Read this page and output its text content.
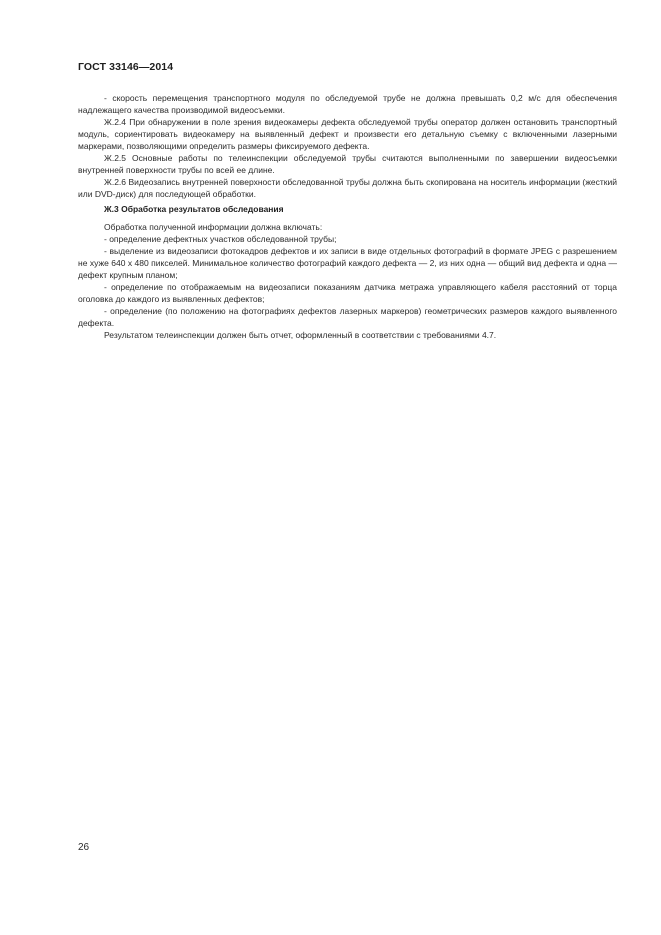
ГОСТ 33146—2014

- скорость перемещения транспортного модуля по обследуемой трубе не должна превышать 0,2 м/с для обеспечения надлежащего качества производимой видеосъемки.

Ж.2.4 При обнаружении в поле зрения видеокамеры дефекта обследуемой трубы оператор должен остановить транспортный модуль, сориентировать видеокамеру на выявленный дефект и произвести его детальную съемку с включенными лазерными маркерами, позволяющими определить размеры фиксируемого дефекта.

Ж.2.5 Основные работы по телеинспекции обследуемой трубы считаются выполненными по завершении видеосъемки внутренней поверхности трубы по всей ее длине.

Ж.2.6 Видеозапись внутренней поверхности обследованной трубы должна быть скопирована на носитель информации (жесткий или DVD-диск) для последующей обработки.

Ж.3 Обработка результатов обследования

Обработка полученной информации должна включать:

- определение дефектных участков обследованной трубы;

- выделение из видеозаписи фотокадров дефектов и их записи в виде отдельных фотографий в формате JPEG с разрешением не хуже 640 х 480 пикселей. Минимальное количество фотографий каждого дефекта — 2, из них одна — общий вид дефекта и одна — дефект крупным планом;

- определение по отображаемым на видеозаписи показаниям датчика метража управляющего кабеля расстояний от торца оголовка до каждого из выявленных дефектов;

- определение (по положению на фотографиях дефектов лазерных маркеров) геометрических размеров каждого выявленного дефекта.

Результатом телеинспекции должен быть отчет, оформленный в соответствии с требованиями 4.7.

26
